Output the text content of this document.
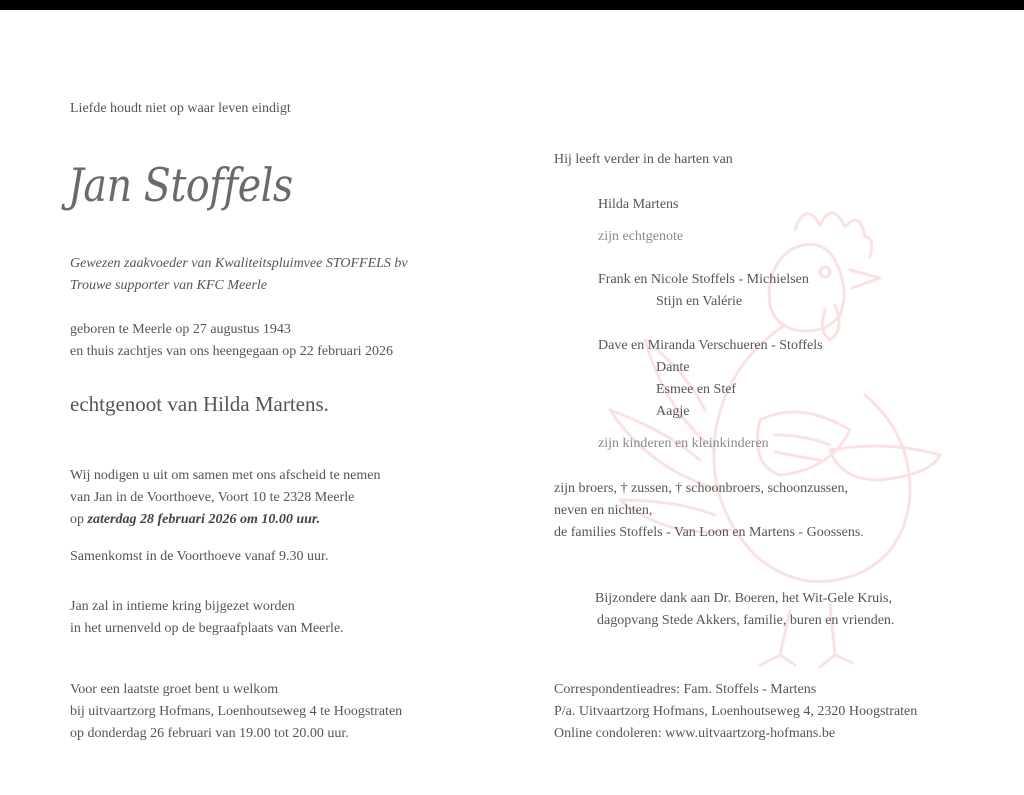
Liefde houdt niet op waar leven eindigt
Jan Stoffels
Gewezen zaakvoeder van Kwaliteitspluimvee STOFFELS bv
Trouwe supporter van KFC Meerle
geboren te Meerle op 27 augustus 1943
en thuis zachtjes van ons heengegaan op 22 februari 2026
echtgenoot van Hilda Martens.
Wij nodigen u uit om samen met ons afscheid te nemen
van Jan in de Voorthoeve, Voort 10 te 2328 Meerle
op zaterdag 28 februari 2026 om 10.00 uur.
Samenkomst in de Voorthoeve vanaf 9.30 uur.
Jan zal in intieme kring bijgezet worden
in het urnenveld op de begraafplaats van Meerle.
Voor een laatste groet bent u welkom
bij uitvaartzorg Hofmans, Loenhoutseweg 4 te Hoogstraten
op donderdag 26 februari van 19.00 tot 20.00 uur.
Hij leeft verder in de harten van
Hilda Martens
zijn echtgenote
Frank en Nicole Stoffels - Michielsen
Stijn en Valérie
Dave en Miranda Verschueren - Stoffels
Dante
Esmee en Stef
Aagje
zijn kinderen en kleinkinderen
zijn broers, † zussen, † schoonbroers, schoonzussen,
neven en nichten,
de families Stoffels - Van Loon en Martens - Goossens.
Bijzondere dank aan Dr. Boeren, het Wit-Gele Kruis,
dagopvang Stede Akkers, familie, buren en vrienden.
Correspondentieadres: Fam. Stoffels - Martens
P/a. Uitvaartzorg Hofmans, Loenhoutseweg 4, 2320 Hoogstraten
Online condoleren: www.uitvaartzorg-hofmans.be
